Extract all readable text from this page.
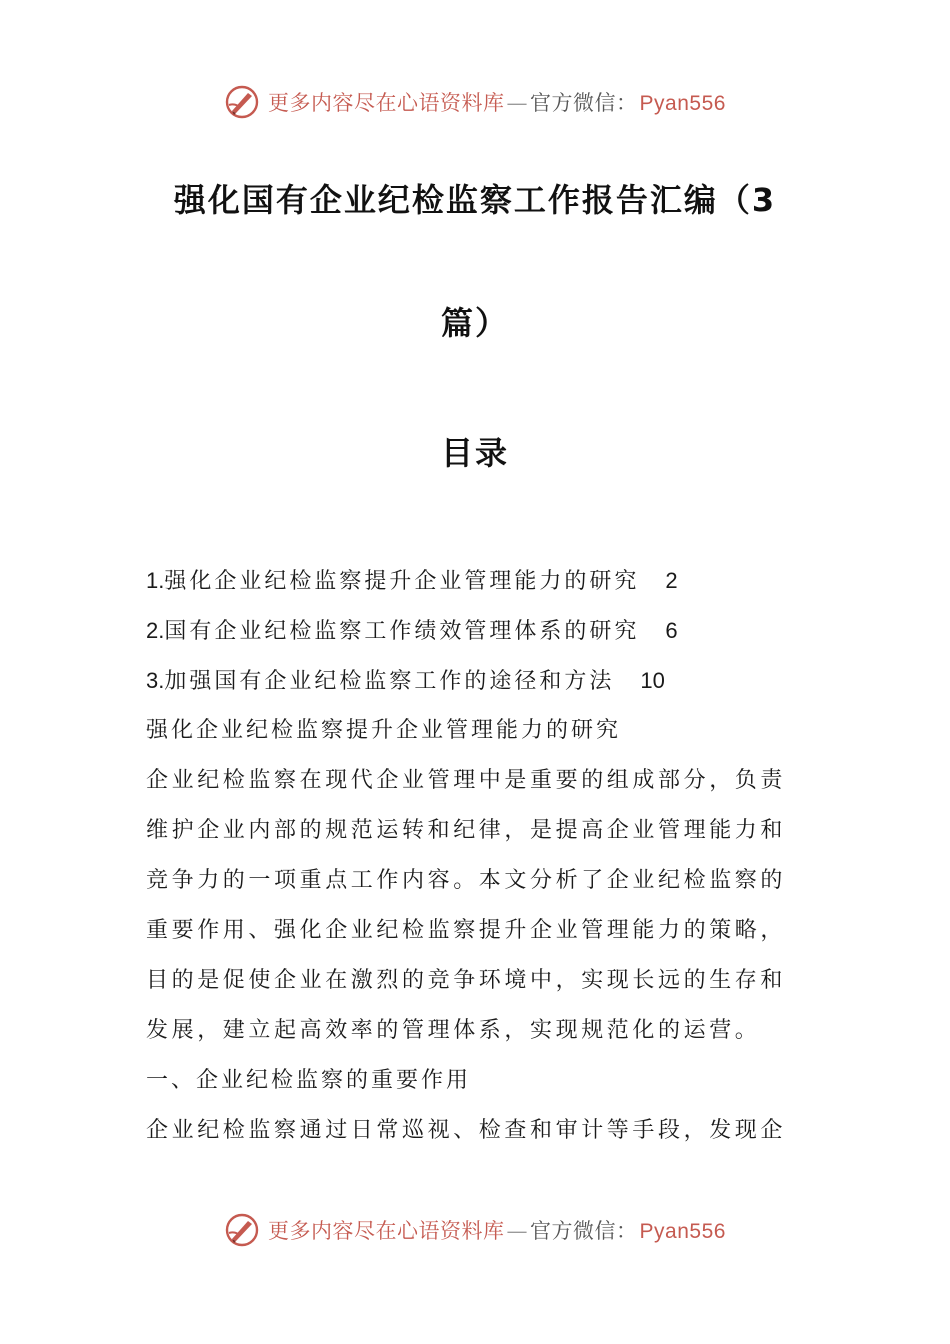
更多内容尽在心语资料库—官方微信：Pyan556
强化国有企业纪检监察工作报告汇编（3
篇）
目录
1.强化企业纪检监察提升企业管理能力的研究 2
2.国有企业纪检监察工作绩效管理体系的研究 6
3.加强国有企业纪检监察工作的途径和方法 10
强化企业纪检监察提升企业管理能力的研究
企业纪检监察在现代企业管理中是重要的组成部分，负责
维护企业内部的规范运转和纪律，是提高企业管理能力和
竞争力的一项重点工作内容。本文分析了企业纪检监察的
重要作用、强化企业纪检监察提升企业管理能力的策略，
目的是促使企业在激烈的竞争环境中，实现长远的生存和
发展，建立起高效率的管理体系，实现规范化的运营。
一、企业纪检监察的重要作用
企业纪检监察通过日常巡视、检查和审计等手段，发现企
更多内容尽在心语资料库—官方微信：Pyan556
